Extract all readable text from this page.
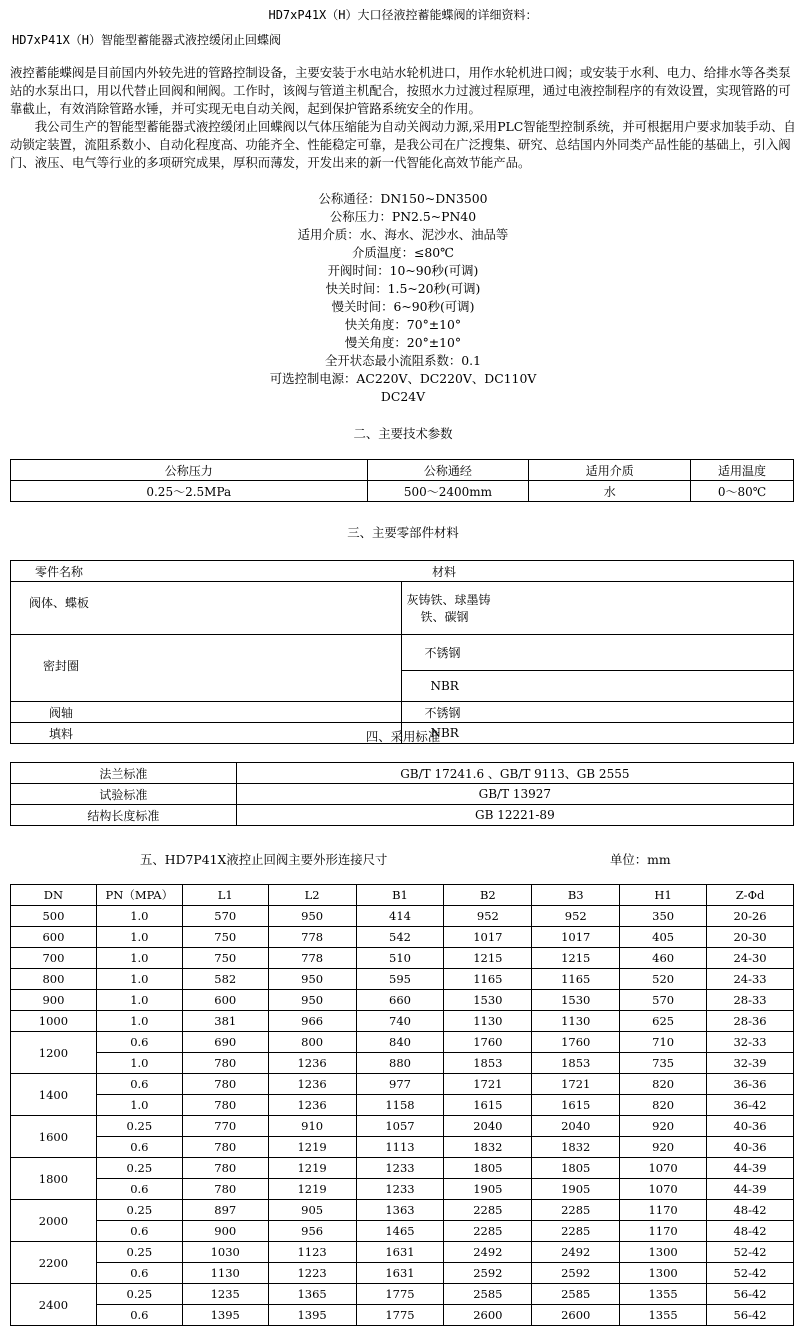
HD7xP41X（H）大口径液控蓄能蝶阀的详细资料：
HD7xP41X（H）智能型蓄能器式液控缓闭止回蝶阀

液控蓄能蝶阀是目前国内外较先进的管路控制设备，主要安装于水电站水轮机进口，用作水轮机进口阀；或安装于水利、电力、给排水等各类泵站的水泵出口，用以代替止回阀和闸阀。工作时，该阀与管道主机配合，按照水力过渡过程原理，通过电液控制程序的有效设置，实现管路的可靠截止，有效消除管路水锤，并可实现无电自动关阀，起到保护管路系统安全的作用。

我公司生产的智能型蓄能器式液控缓闭止回蝶阀以气体压缩能为自动关阀动力源,采用PLC智能型控制系统，并可根据用户要求加装手动、自动锁定装置，流阻系数小、自动化程度高、功能齐全、性能稳定可靠，是我公司在广泛搜集、研究、总结国内外同类产品性能的基础上，引入阀门、液压、电气等行业的多项研究成果，厚积而薄发，开发出来的新一代智能化高效节能产品。

公称通径：DN150~DN3500
公称压力：PN2.5~PN40
适用介质：水、海水、泥沙水、油品等
介质温度：≤80℃
开阀时间：10~90秒(可调)
快关时间：1.5~20秒(可调)
慢关时间：6~90秒(可调)
快关角度：70°±10°
慢关角度：20°±10°
全开状态最小流阻系数：0.1
可选控制电源：AC220V、DC220V、DC110V
DC24V
二、主要技术参数
公称压力	公称通经	适用介质	适用温度
0.25～2.5MPa	500～2400mm	水	0～80℃
三、主要零部件材料
零件名称	材料
阀体、蝶板	灰铸铁、球墨铸
铁、碳钢

密封圈	不锈钢
	NBR
阀轴	不锈钢
填料	NBR
四、采用标准
法兰标准	GB/T 17241.6 、GB/T 9113、GB 2555
试验标准	GB/T 13927
结构长度标准	GB 12221-89
五、HD7P41X液控止回阀主要外形连接尺寸	单位：mm
DN	PN（MPA）	L1	L2	B1	B2	B3	H1	Z-Φd
500	1.0	570	950	414	952	952	350	20-26
600	1.0	750	778	542	1017	1017	405	20-30
700	1.0	750	778	510	1215	1215	460	24-30
800	1.0	582	950	595	1165	1165	520	24-33
900	1.0	600	950	660	1530	1530	570	28-33
1000	1.0	381	966	740	1130	1130	625	28-36
1200	0.6	690	800	840	1760	1760	710	32-33
	1.0	780	1236	880	1853	1853	735	32-39
1400	0.6	780	1236	977	1721	1721	820	36-36
	1.0	780	1236	1158	1615	1615	820	36-42
1600	0.25	770	910	1057	2040	2040	920	40-36
	0.6	780	1219	1113	1832	1832	920	40-36
1800	0.25	780	1219	1233	1805	1805	1070	44-39
	0.6	780	1219	1233	1905	1905	1070	44-39
2000	0.25	897	905	1363	2285	2285	1170	48-42
	0.6	900	956	1465	2285	2285	1170	48-42
2200	0.25	1030	1123	1631	2492	2492	1300	52-42
	0.6	1130	1223	1631	2592	2592	1300	52-42
2400	0.25	1235	1365	1775	2585	2585	1355	56-42
	0.6	1395	1395	1775	2600	2600	1355	56-42
